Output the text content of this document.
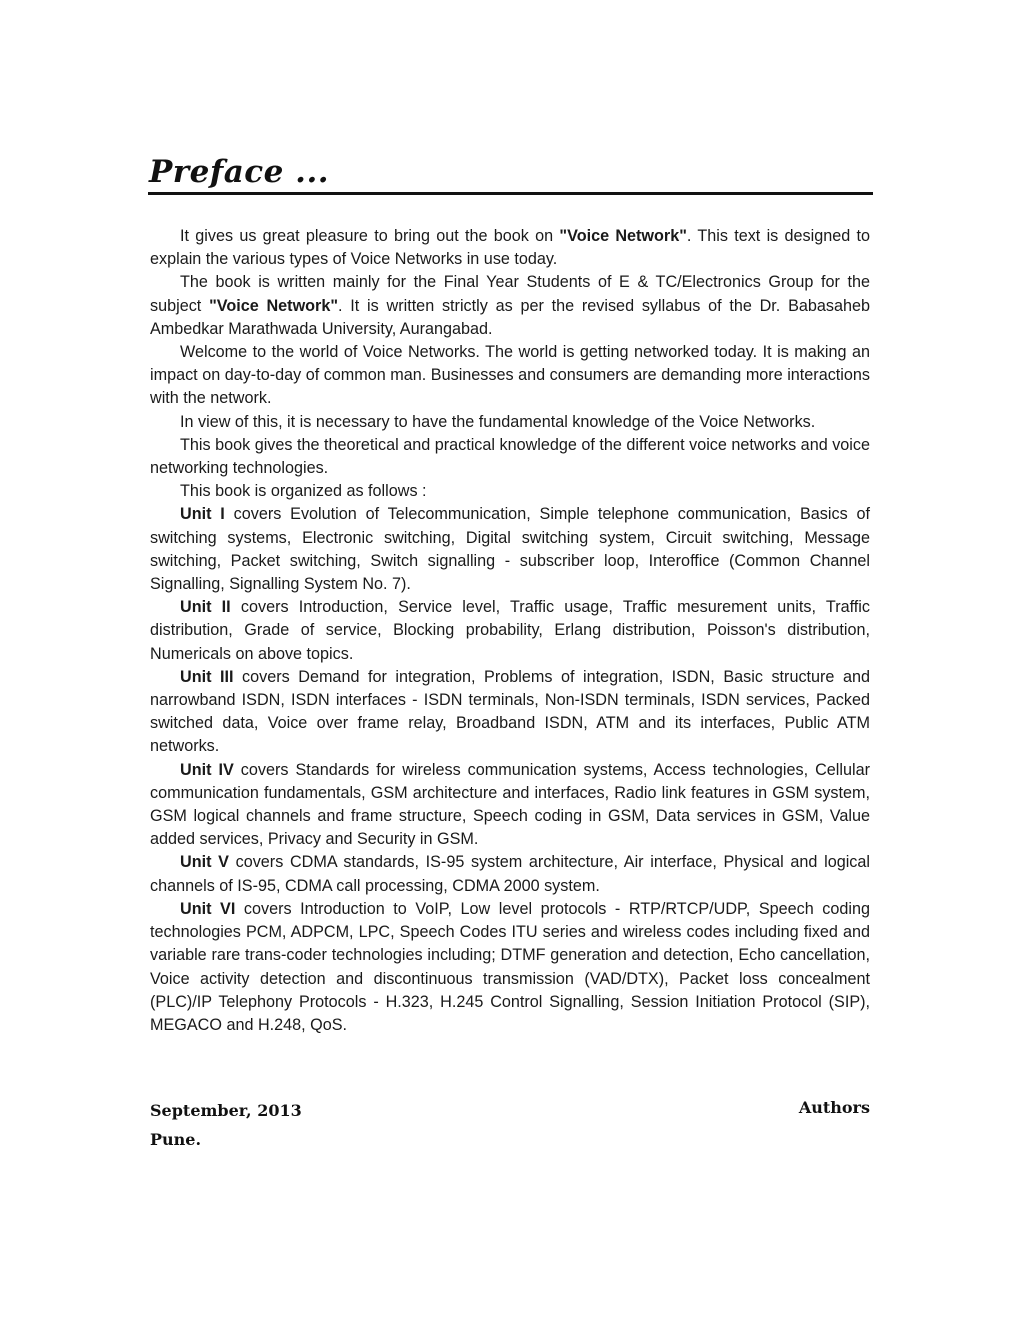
Preface ...

It gives us great pleasure to bring out the book on "Voice Network". This text is designed to explain the various types of Voice Networks in use today.

The book is written mainly for the Final Year Students of E & TC/Electronics Group for the subject "Voice Network". It is written strictly as per the revised syllabus of the Dr. Babasaheb Ambedkar Marathwada University, Aurangabad.

Welcome to the world of Voice Networks. The world is getting networked today. It is making an impact on day-to-day of common man. Businesses and consumers are demanding more interactions with the network.

In view of this, it is necessary to have the fundamental knowledge of the Voice Networks.

This book gives the theoretical and practical knowledge of the different voice networks and voice networking technologies.

This book is organized as follows :

Unit I covers Evolution of Telecommunication, Simple telephone communication, Basics of switching systems, Electronic switching, Digital switching system, Circuit switching, Message switching, Packet switching, Switch signalling - subscriber loop, Interoffice (Common Channel Signalling, Signalling System No. 7).

Unit II covers Introduction, Service level, Traffic usage, Traffic mesurement units, Traffic distribution, Grade of service, Blocking probability, Erlang distribution, Poisson's distribution, Numericals on above topics.

Unit III covers Demand for integration, Problems of integration, ISDN, Basic structure and narrowband ISDN, ISDN interfaces - ISDN terminals, Non-ISDN terminals, ISDN services, Packed switched data, Voice over frame relay, Broadband ISDN, ATM and its interfaces, Public ATM networks.

Unit IV covers Standards for wireless communication systems, Access technologies, Cellular communication fundamentals, GSM architecture and interfaces, Radio link features in GSM system, GSM logical channels and frame structure, Speech coding in GSM, Data services in GSM, Value added services, Privacy and Security in GSM.

Unit V covers CDMA standards, IS-95 system architecture, Air interface, Physical and logical channels of IS-95, CDMA call processing, CDMA 2000 system.

Unit VI covers Introduction to VoIP, Low level protocols - RTP/RTCP/UDP, Speech coding technologies PCM, ADPCM, LPC, Speech Codes ITU series and wireless codes including fixed and variable rare trans-coder technologies including; DTMF generation and detection, Echo cancellation, Voice activity detection and discontinuous transmission (VAD/DTX), Packet loss concealment (PLC)/IP Telephony Protocols - H.323, H.245 Control Signalling, Session Initiation Protocol (SIP), MEGACO and H.248, QoS.

September, 2013
Pune.
Authors
